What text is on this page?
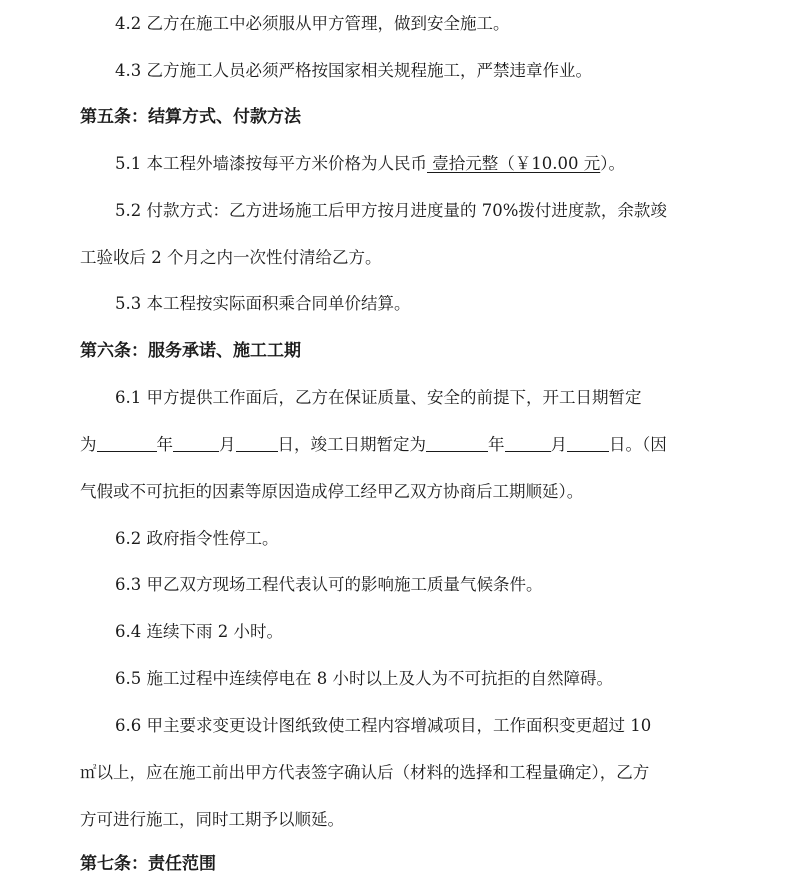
4.2 乙方在施工中必须服从甲方管理，做到安全施工。
4.3 乙方施工人员必须严格按国家相关规程施工，严禁违章作业。
第五条：结算方式、付款方法
5.1 本工程外墙漆按每平方米价格为人民币 壹拾元整（￥10.00 元）。
5.2 付款方式：乙方进场施工后甲方按月进度量的 70%拨付进度款，余款竣
工验收后 2 个月之内一次性付清给乙方。
5.3 本工程按实际面积乘合同单价结算。
第六条：服务承诺、施工工期
6.1 甲方提供工作面后，乙方在保证质量、安全的前提下，开工日期暂定
为	年	月	日，竣工日期暂定为	年	月	日。（因
气假或不可抗拒的因素等原因造成停工经甲乙双方协商后工期顺延）。
6.2 政府指令性停工。
6.3 甲乙双方现场工程代表认可的影响施工质量气候条件。
6.4 连续下雨 2 小时。
6.5 施工过程中连续停电在 8 小时以上及人为不可抗拒的自然障碍。
6.6 甲主要求变更设计图纸致使工程内容增减项目，工作面积变更超过 10
㎡以上，应在施工前出甲方代表签字确认后（材料的选择和工程量确定），乙方
方可进行施工，同时工期予以顺延。
第七条：责任范围
